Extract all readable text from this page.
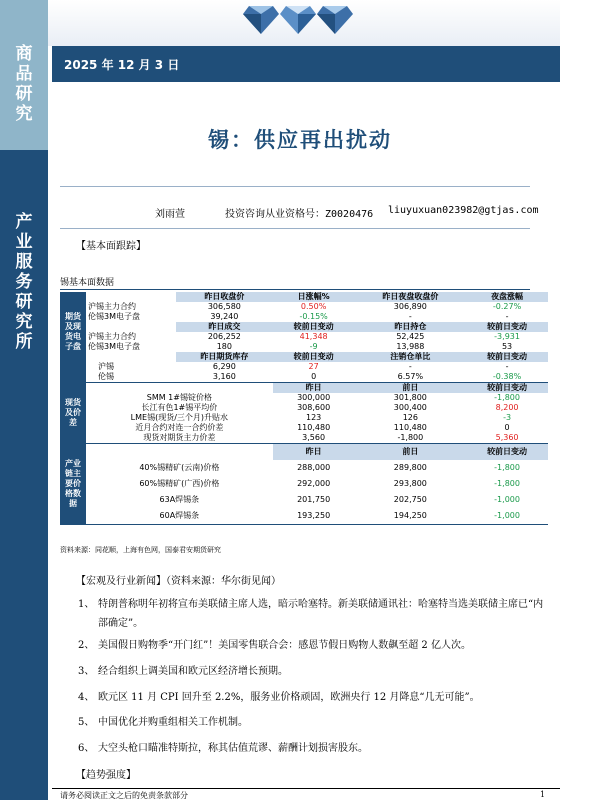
商品研究
产业服务研究所
2025 年 12 月 3 日
锡：供应再出扰动
刘雨萱	投资咨询从业资格号：Z0020476 liuyuxuan023982@gtjas.com
【基本面跟踪】
锡基本面数据
期货及现货电子盘		昨日收盘价	日涨幅%	昨日夜盘收盘价	夜盘涨幅
	沪锡主力合约	306,580	0.50%	306,890	-0.27%
	伦锡3M电子盘	39,240	-0.15%	-	-
		昨日成交	较前日变动	昨日持仓	较前日变动
	沪锡主力合约	206,252	41,348	52,425	-3,931
	伦锡3M电子盘	180	-9	13,988	53
		昨日期货库存	较前日变动	注销仓单比	较前日变动
	沪锡	6,290	27	-	-
	伦锡	3,160	0	6.57%	-0.38%
现货及价差			昨日	前日	较前日变动
	SMM 1#锡锭价格		300,000	301,800	-1,800
	长江有色1#锡平均价		308,600	300,400	8,200
	LME锡(现货/三个月)升贴水		123	126	-3
	近月合约对连一合约价差		110,480	110,480	0
	现货对期货主力价差		3,560	-1,800	5,360
产业链主要价格数据			昨日	前日	较前日变动
	40%锡精矿(云南)价格		288,000	289,800	-1,800
	60%锡精矿(广西)价格		292,000	293,800	-1,800
	63A焊锡条		201,750	202,750	-1,000
	60A焊锡条		193,250	194,250	-1,000
资料来源：同花顺，上海有色网，国泰君安期货研究
【宏观及行业新闻】（资料来源：华尔街见闻）
1、 特朗普称明年初将宣布美联储主席人选，暗示哈塞特。新美联储通讯社：哈塞特当选美联储主席已“内部确定”。
2、 美国假日购物季“开门红”！美国零售联合会：感恩节假日购物人数飙至超 2 亿人次。
3、 经合组织上调美国和欧元区经济增长预期。
4、 欧元区 11 月 CPI 回升至 2.2%，服务业价格顽固，欧洲央行 12 月降息“几无可能”。
5、 中国优化并购重组相关工作机制。
6、 大空头枪口瞄准特斯拉，称其估值荒谬、薪酬计划损害股东。
【趋势强度】
请务必阅读正文之后的免责条款部分	1
